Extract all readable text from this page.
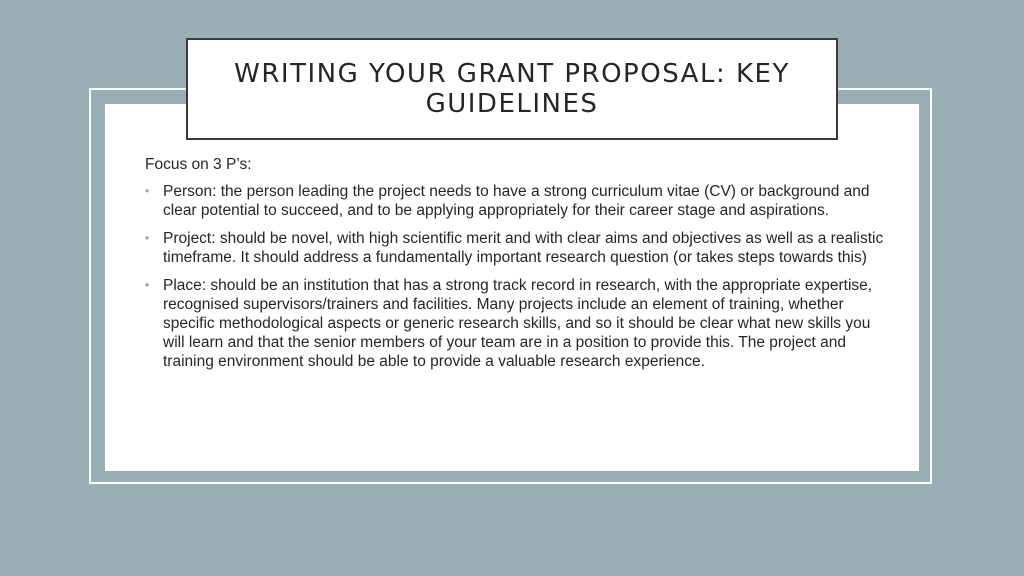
WRITING YOUR GRANT PROPOSAL: KEY GUIDELINES

Focus on 3 P’s:

• Person: the person leading the project needs to have a strong curriculum vitae (CV) or background and clear potential to succeed, and to be applying appropriately for their career stage and aspirations.
• Project: should be novel, with high scientific merit and with clear aims and objectives as well as a realistic timeframe. It should address a fundamentally important research question (or takes steps towards this)
• Place: should be an institution that has a strong track record in research, with the appropriate expertise, recognised supervisors/trainers and facilities. Many projects include an element of training, whether specific methodological aspects or generic research skills, and so it should be clear what new skills you will learn and that the senior members of your team are in a position to provide this. The project and training environment should be able to provide a valuable research experience.
